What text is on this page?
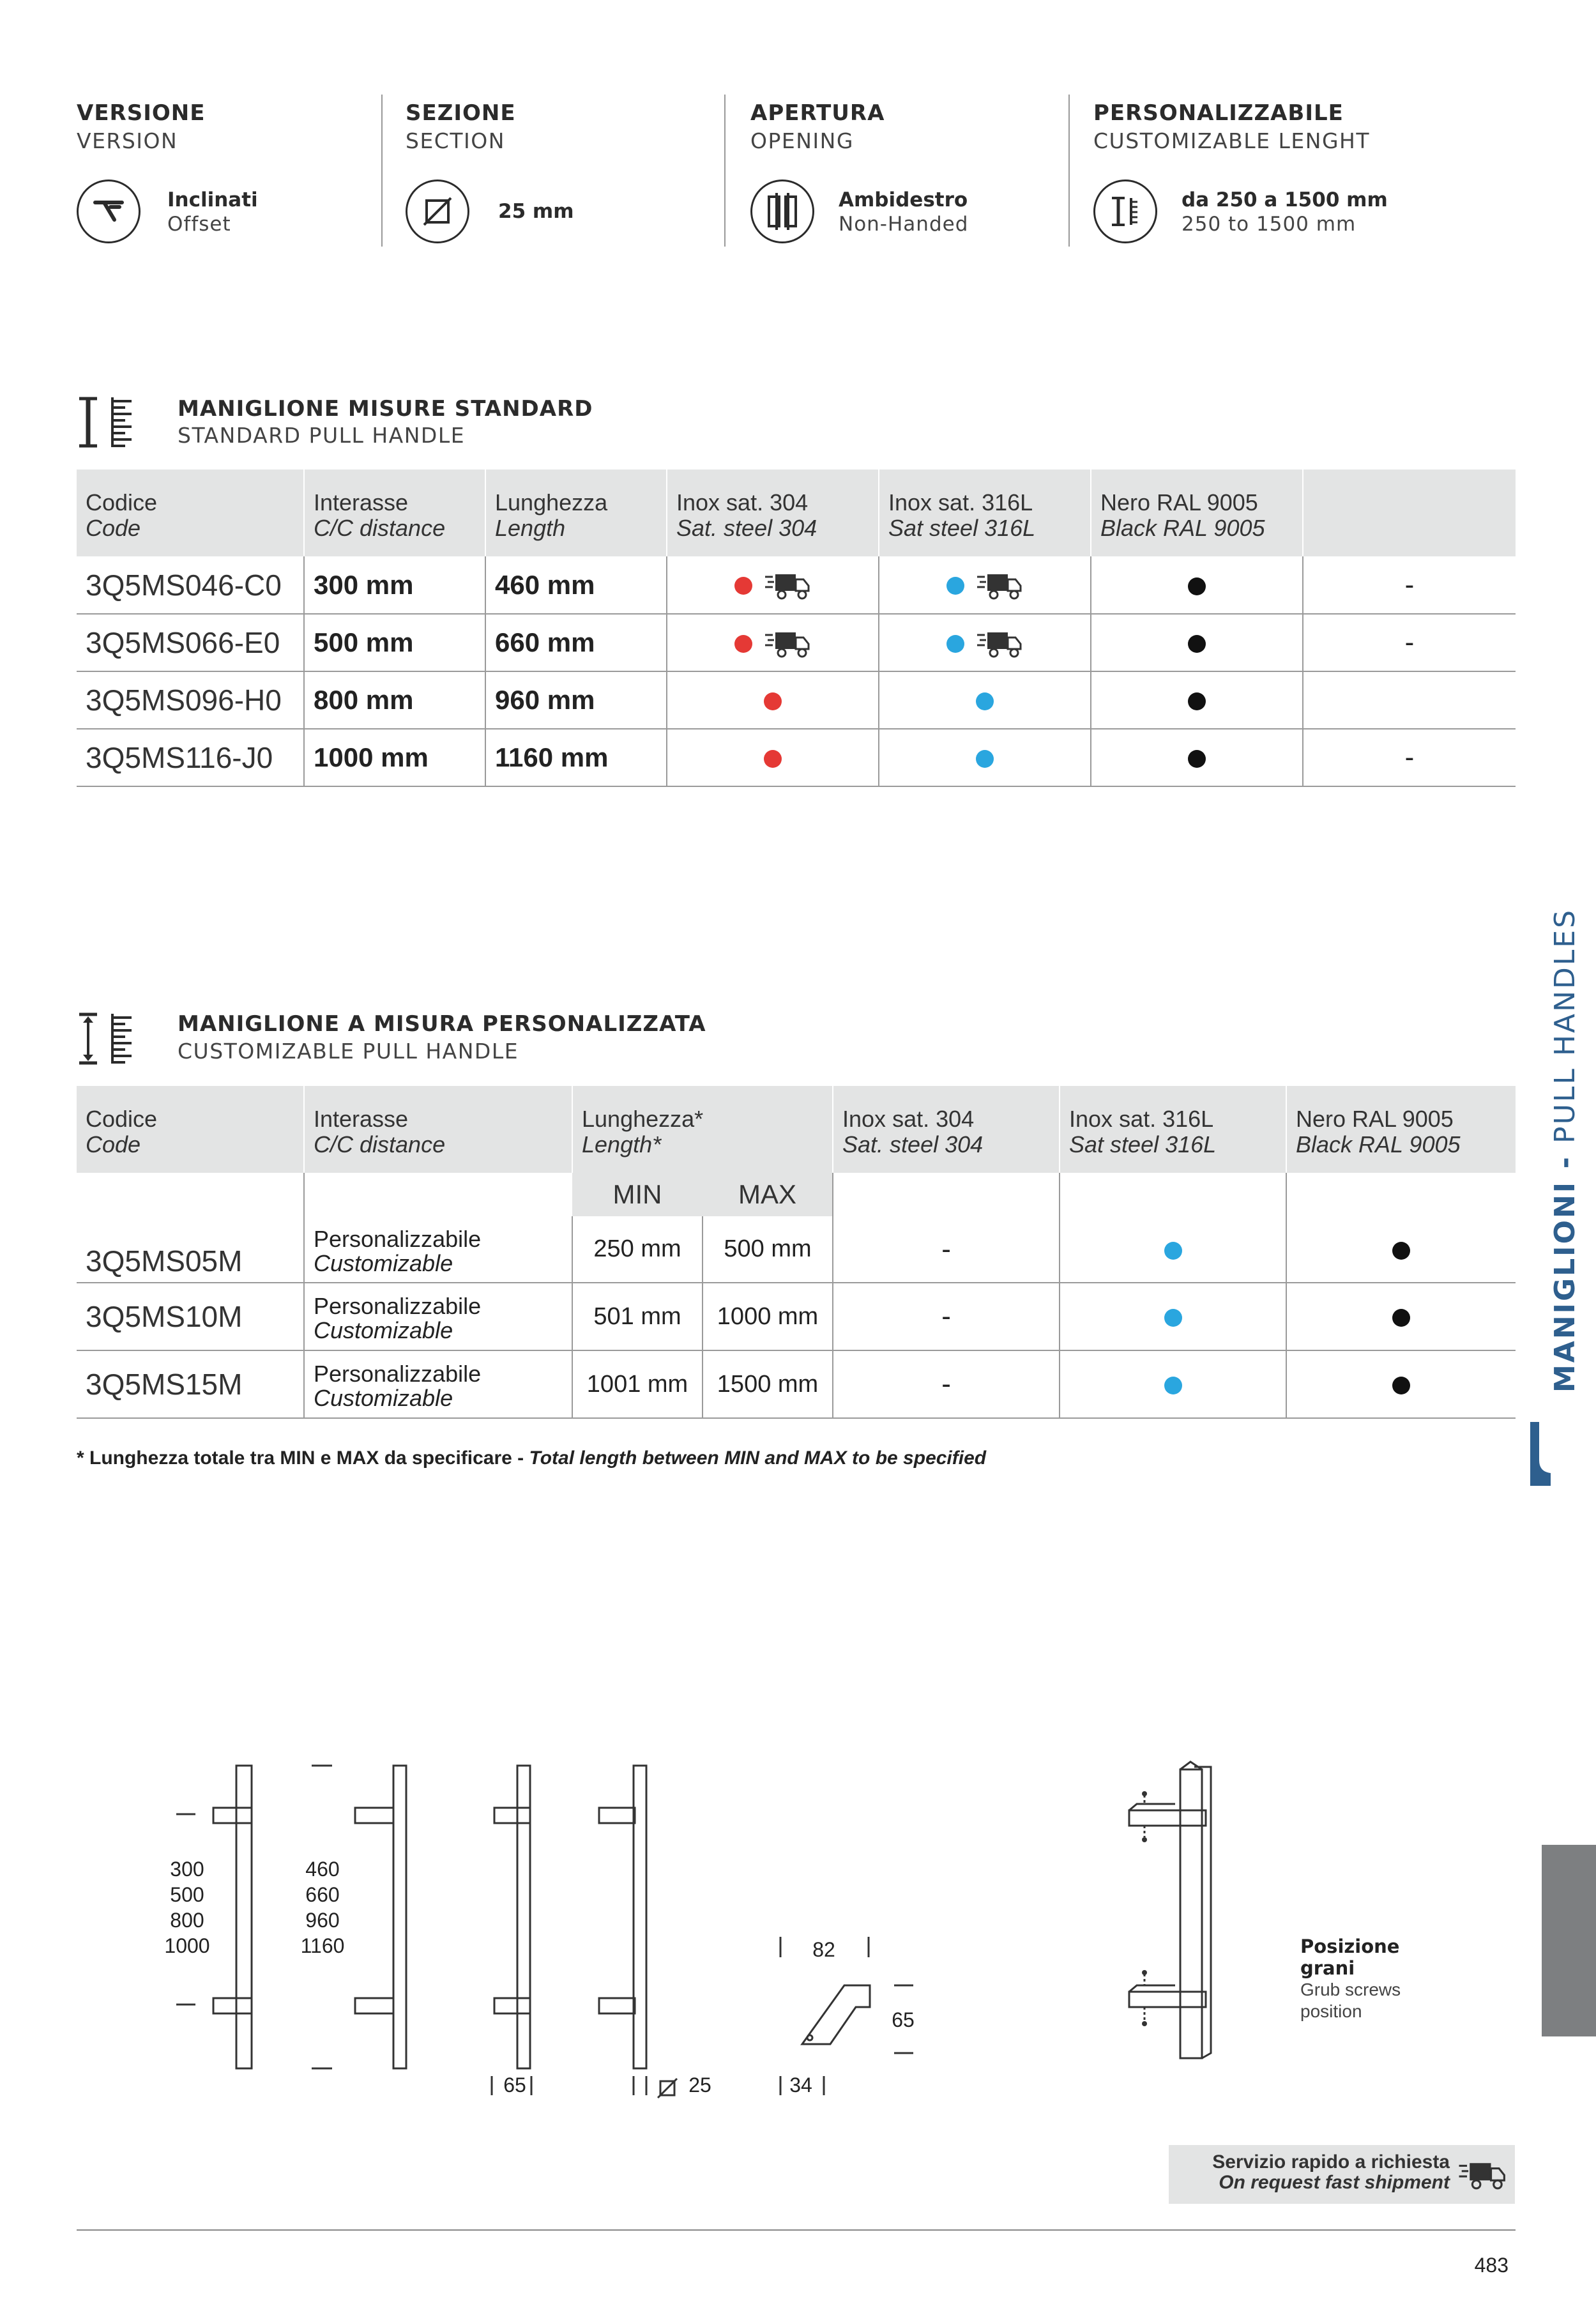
VERSIONE
VERSION
Inclinati
Offset
SEZIONE
SECTION
25 mm
APERTURA
OPENING
Ambidestro
Non-Handed
PERSONALIZZABILE
CUSTOMIZABLE LENGHT
da 250 a 1500 mm
250 to 1500 mm
MANIGLIONE MISURE STANDARD
STANDARD PULL HANDLE
Codice
Code	Interasse
C/C distance	Lunghezza
Length	Inox sat. 304
Sat. steel 304	Inox sat. 316L
Sat steel 316L	Nero RAL 9005
Black RAL 9005	

3Q5MS046-C0	300 mm	460 mm				-
3Q5MS066-E0	500 mm	660 mm				-
3Q5MS096-H0	800 mm	960 mm				
3Q5MS116-J0	1000 mm	1160 mm				-
MANIGLIONE A MISURA PERSONALIZZATA
CUSTOMIZABLE PULL HANDLE
Codice
Code	Interasse
C/C distance	Lunghezza*
Length*		Inox sat. 304
Sat. steel 304	Inox sat. 316L
Sat steel 316L	Nero RAL 9005
Black RAL 9005

		MIN	MAX			
3Q5MS05M	Personalizzabile
Customizable	250 mm	500 mm	-		
3Q5MS10M	Personalizzabile
Customizable	501 mm	1000 mm	-		
3Q5MS15M	Personalizzabile
Customizable	1001 mm	1500 mm	-		
* Lunghezza totale tra MIN e MAX da specificare - Total length between MIN and MAX to be specified
MANIGLIONI - PULL HANDLES
300
500
800
1000
460
660
960
1160
65	25
82
65
34
Posizione
grani
Grub screws
position
Servizio rapido a richiesta
On request fast shipment
483
